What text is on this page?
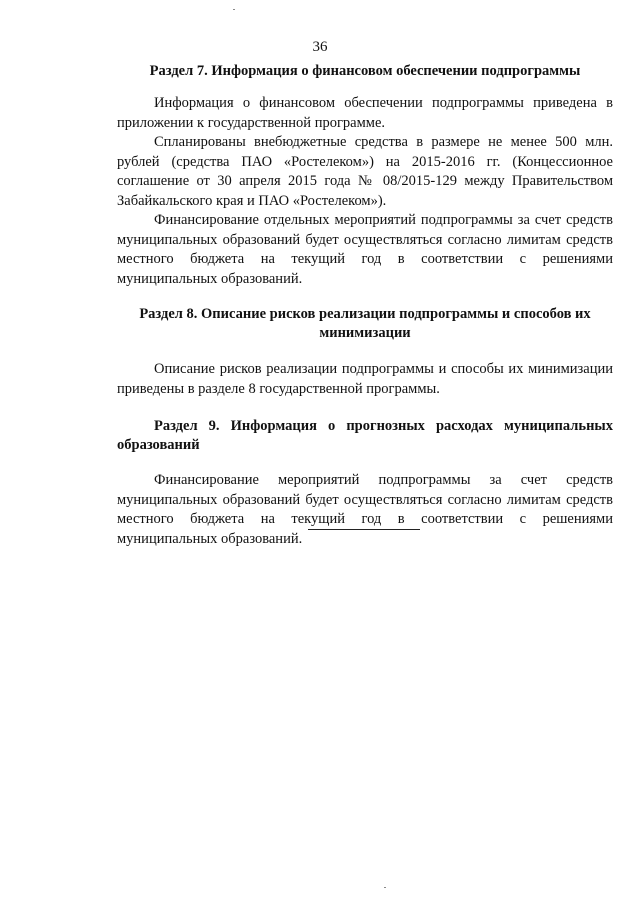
36
Раздел 7. Информация о финансовом обеспечении подпрограммы

Информация о финансовом обеспечении подпрограммы приведена в приложении к государственной программе.

Спланированы внебюджетные средства в размере не менее 500 млн. рублей (средства ПАО «Ростелеком») на 2015-2016 гг. (Концессионное соглашение от 30 апреля 2015 года № 08/2015-129 между Правительством Забайкальского края и ПАО «Ростелеком»).

Финансирование отдельных мероприятий подпрограммы за счет средств муниципальных образований будет осуществляться согласно лимитам средств местного бюджета на текущий год в соответствии с решениями муниципальных образований.

Раздел 8. Описание рисков реализации подпрограммы и способов их минимизации

Описание рисков реализации подпрограммы и способы их минимизации приведены в разделе 8 государственной программы.

Раздел 9. Информация о прогнозных расходах муниципальных образований

Финансирование мероприятий подпрограммы за счет средств муниципальных образований будет осуществляться согласно лимитам средств местного бюджета на текущий год в соответствии с решениями муниципальных образований.
